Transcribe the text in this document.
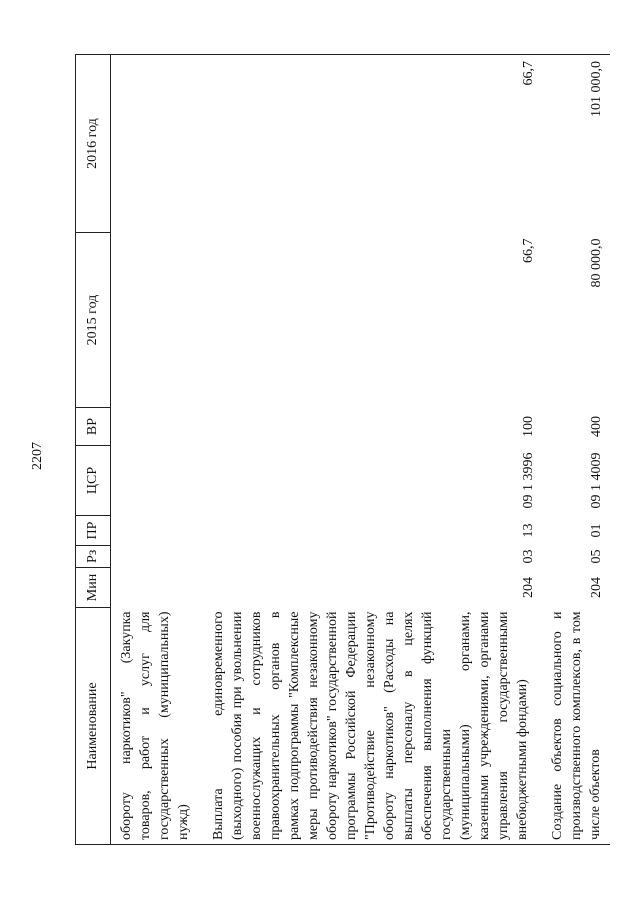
2207
Наименование	Мин	Рз	ПР	ЦСР	ВР	2015 год	2016 год
обороту наркотиков" (Закупка товаров, работ и услуг для государственных (муниципальных) нужд)							
Выплата единовременного (выходного) пособия при увольнении военнослужащих и сотрудников правоохранительных органов в рамках подпрограммы "Комплексные меры противодействия незаконному обороту наркотиков" государственной программы Российской Федерации "Противодействие незаконному обороту наркотиков" (Расходы на выплаты персоналу в целях обеспечения выполнения функций государственными (муниципальными) органами, казенными учреждениями, органами управления государственными внебюджетными фондами)	204	03	13	09 1 3996	100	66,7	66,7
Создание объектов социального и производственного комплексов, в том числе объектов	204	05	01	09 1 4009	400	80 000,0	101 000,0
